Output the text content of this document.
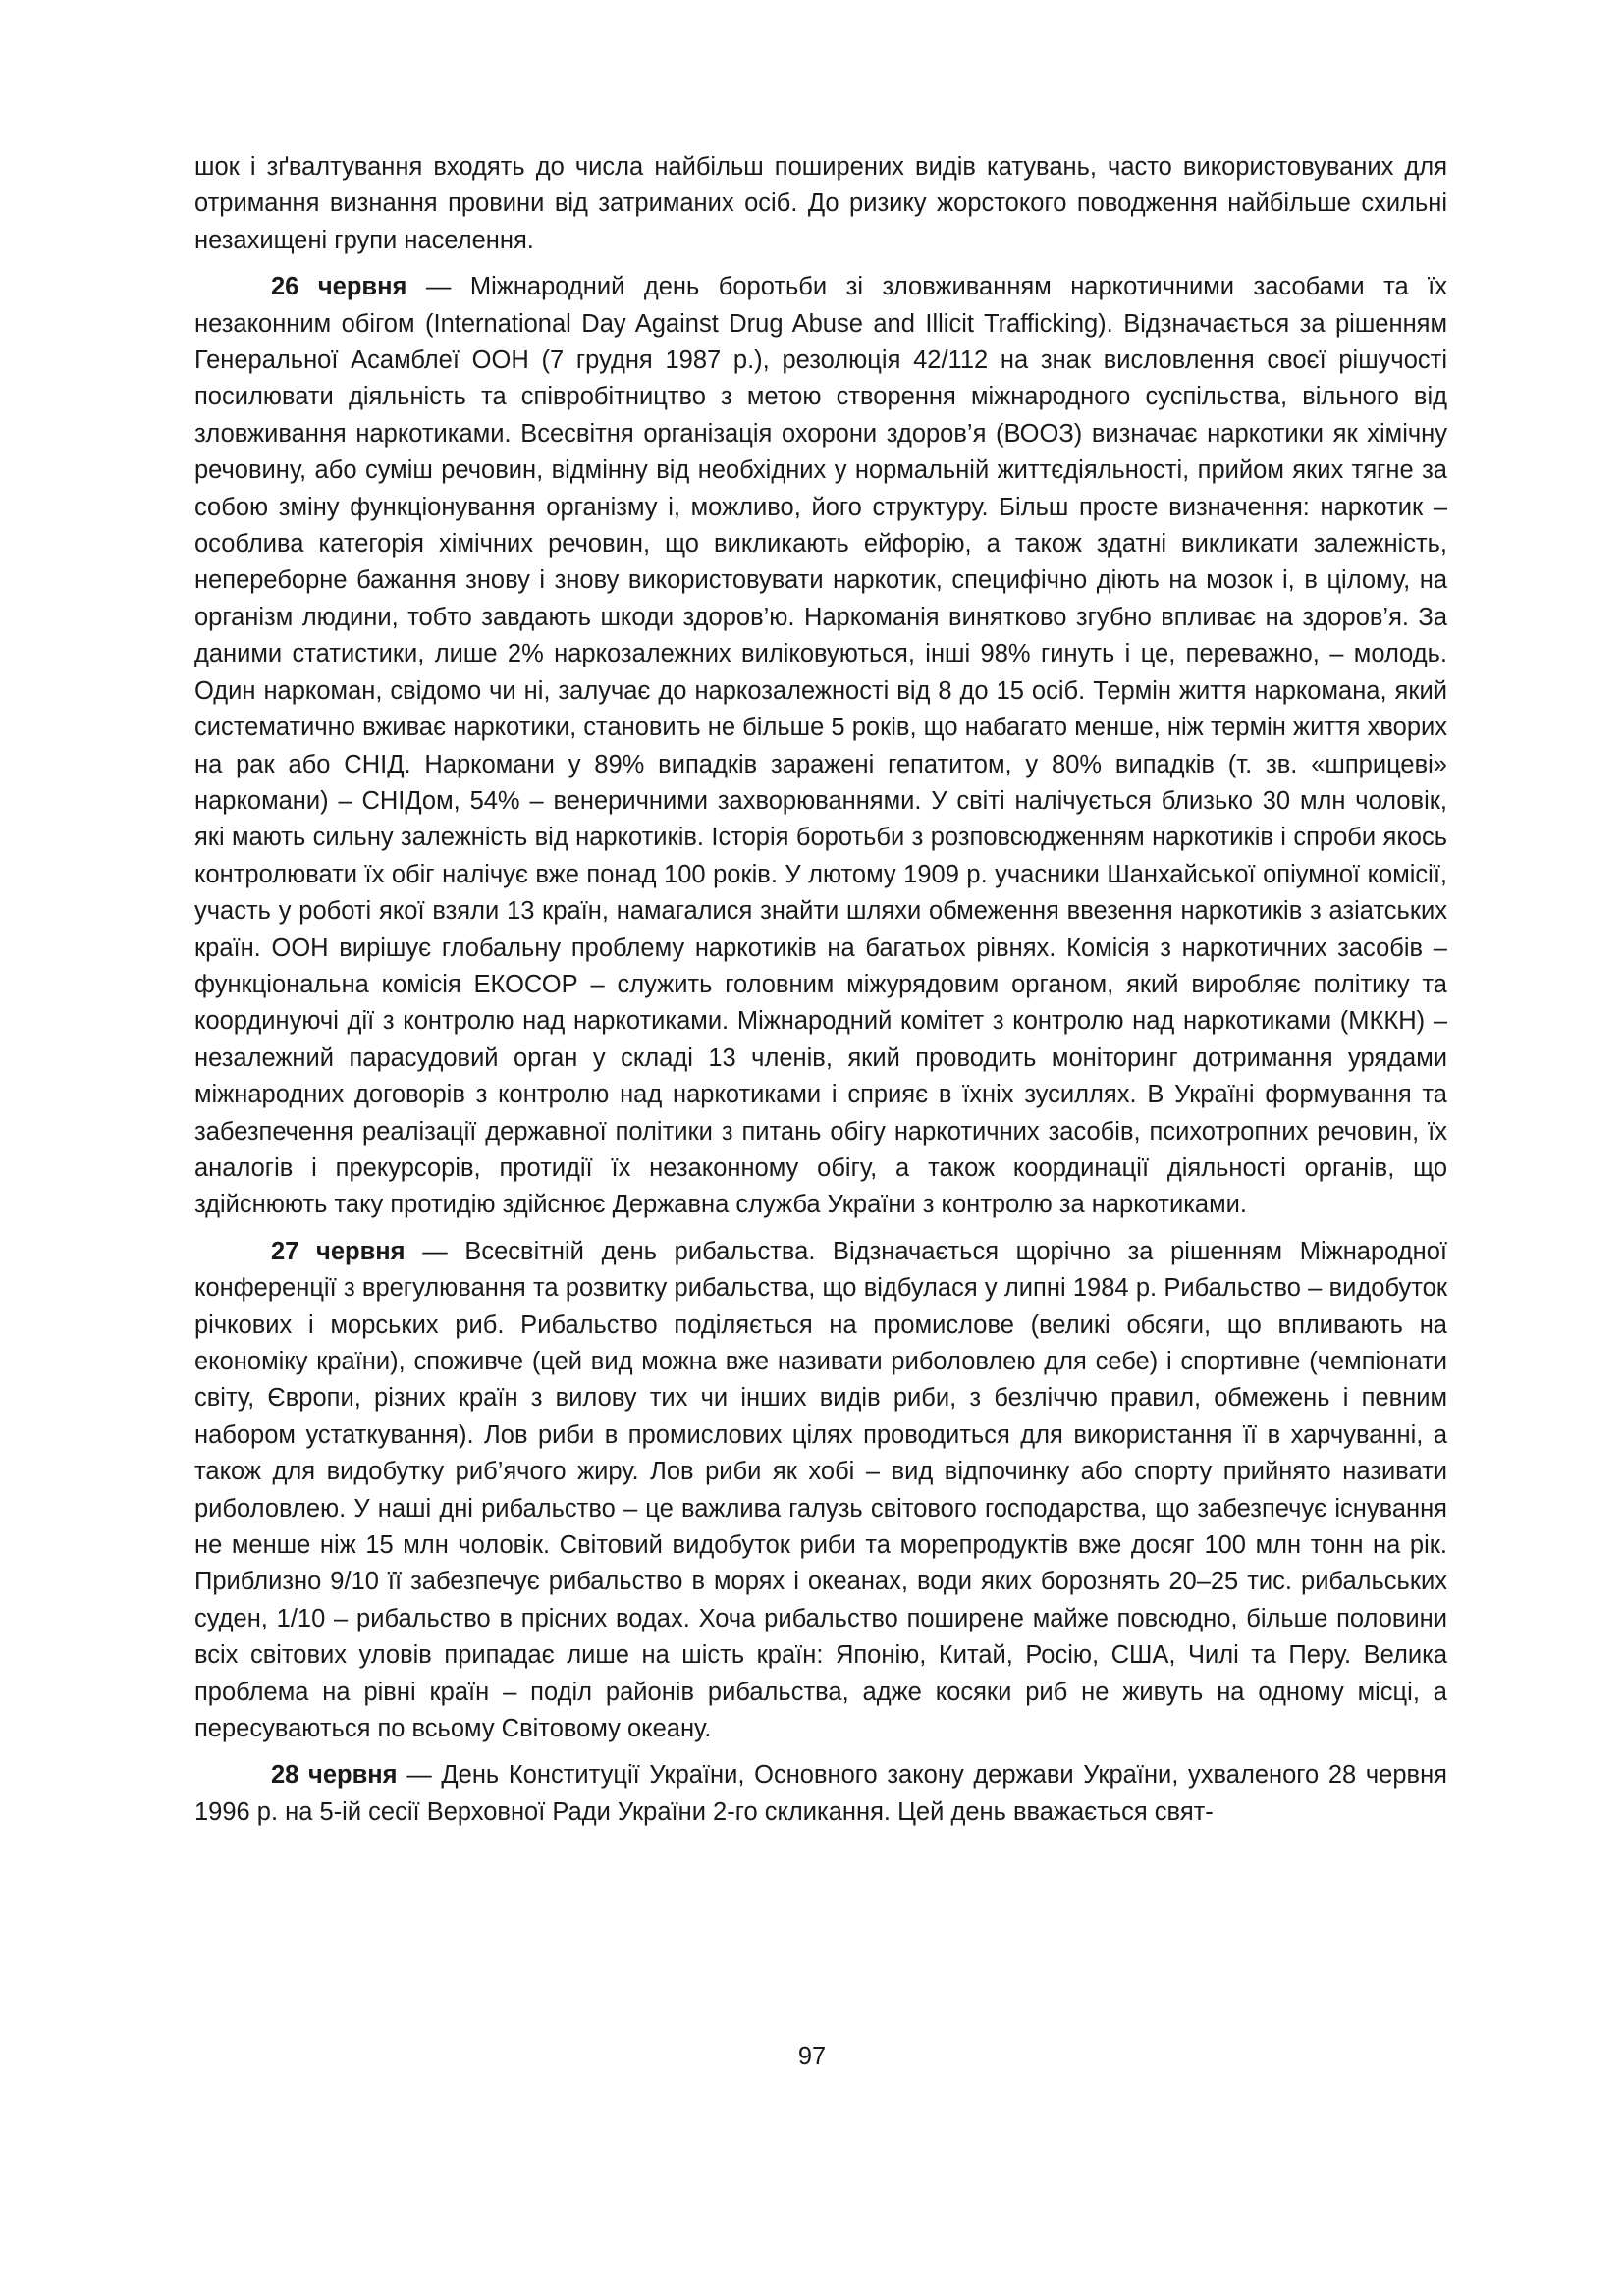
шок і зґвалтування входять до числа найбільш поширених видів катувань, часто використовуваних для отримання визнання провини від затриманих осіб. До ризику жорстокого поводження найбільше схильні незахищені групи населення.

26 червня — Міжнародний день боротьби зі зловживанням наркотичними засобами та їх незаконним обігом (International Day Against Drug Abuse and Illicit Trafficking). Відзначається за рішенням Генеральної Асамблеї ООН (7 грудня 1987 р.), резолюція 42/112 на знак висловлення своєї рішучості посилювати діяльність та співробітництво з метою створення міжнародного суспільства, вільного від зловживання наркотиками. Всесвітня організація охорони здоров’я (ВООЗ) визначає наркотики як хімічну речовину, або суміш речовин, відмінну від необхідних у нормальній життєдіяльності, прийом яких тягне за собою зміну функціонування організму і, можливо, його структуру. Більш просте визначення: наркотик – особлива категорія хімічних речовин, що викликають ейфорію, а також здатні викликати залежність, непереборне бажання знову і знову використовувати наркотик, специфічно діють на мозок і, в цілому, на організм людини, тобто завдають шкоди здоров’ю. Наркоманія винятково згубно впливає на здоров’я. За даними статистики, лише 2% наркозалежних виліковуються, інші 98% гинуть і це, переважно, – молодь. Один наркоман, свідомо чи ні, залучає до наркозалежності від 8 до 15 осіб. Термін життя наркомана, який систематично вживає наркотики, становить не більше 5 років, що набагато менше, ніж термін життя хворих на рак або СНІД. Наркомани у 89% випадків заражені гепатитом, у 80% випадків (т. зв. «шприцеві» наркомани) – СНІДом, 54% – венеричними захворюваннями. У світі налічується близько 30 млн чоловік, які мають сильну залежність від наркотиків. Історія боротьби з розповсюдженням наркотиків і спроби якось контролювати їх обіг налічує вже понад 100 років. У лютому 1909 р. учасники Шанхайської опіумної комісії, участь у роботі якої взяли 13 країн, намагалися знайти шляхи обмеження ввезення наркотиків з азіатських країн. ООН вирішує глобальну проблему наркотиків на багатьох рівнях. Комісія з наркотичних засобів – функціональна комісія ЕКОСОР – служить головним міжурядовим органом, який виробляє політику та координуючі дії з контролю над наркотиками. Міжнародний комітет з контролю над наркотиками (МККН) – незалежний парасудовий орган у складі 13 членів, який проводить моніторинг дотримання урядами міжнародних договорів з контролю над наркотиками і сприяє в їхніх зусиллях. В Україні формування та забезпечення реалізації державної політики з питань обігу наркотичних засобів, психотропних речовин, їх аналогів і прекурсорів, протидії їх незаконному обігу, а також координації діяльності органів, що здійснюють таку протидію здійснює Державна служба України з контролю за наркотиками.

27 червня — Всесвітній день рибальства. Відзначається щорічно за рішенням Міжнародної конференції з врегулювання та розвитку рибальства, що відбулася у липні 1984 р. Рибальство – видобуток річкових і морських риб. Рибальство поділяється на промислове (великі обсяги, що впливають на економіку країни), споживче (цей вид можна вже називати риболовлею для себе) і спортивне (чемпіонати світу, Європи, різних країн з вилову тих чи інших видів риби, з безліччю правил, обмежень і певним набором устаткування). Лов риби в промислових цілях проводиться для використання її в харчуванні, а також для видобутку риб’ячого жиру. Лов риби як хобі – вид відпочинку або спорту прийнято називати риболовлею. У наші дні рибальство – це важлива галузь світового господарства, що забезпечує існування не менше ніж 15 млн чоловік. Світовий видобуток риби та морепродуктів вже досяг 100 млн тонн на рік. Приблизно 9/10 її забезпечує рибальство в морях і океанах, води яких борознять 20–25 тис. рибальських суден, 1/10 – рибальство в прісних водах. Хоча рибальство поширене майже повсюдно, більше половини всіх світових уловів припадає лише на шість країн: Японію, Китай, Росію, США, Чилі та Перу. Велика проблема на рівні країн – поділ районів рибальства, адже косяки риб не живуть на одному місці, а пересуваються по всьому Світовому океану.

28 червня — День Конституції України, Основного закону держави України, ухваленого 28 червня 1996 р. на 5-ій сесії Верховної Ради України 2-го скликання. Цей день вважається свят-

97
